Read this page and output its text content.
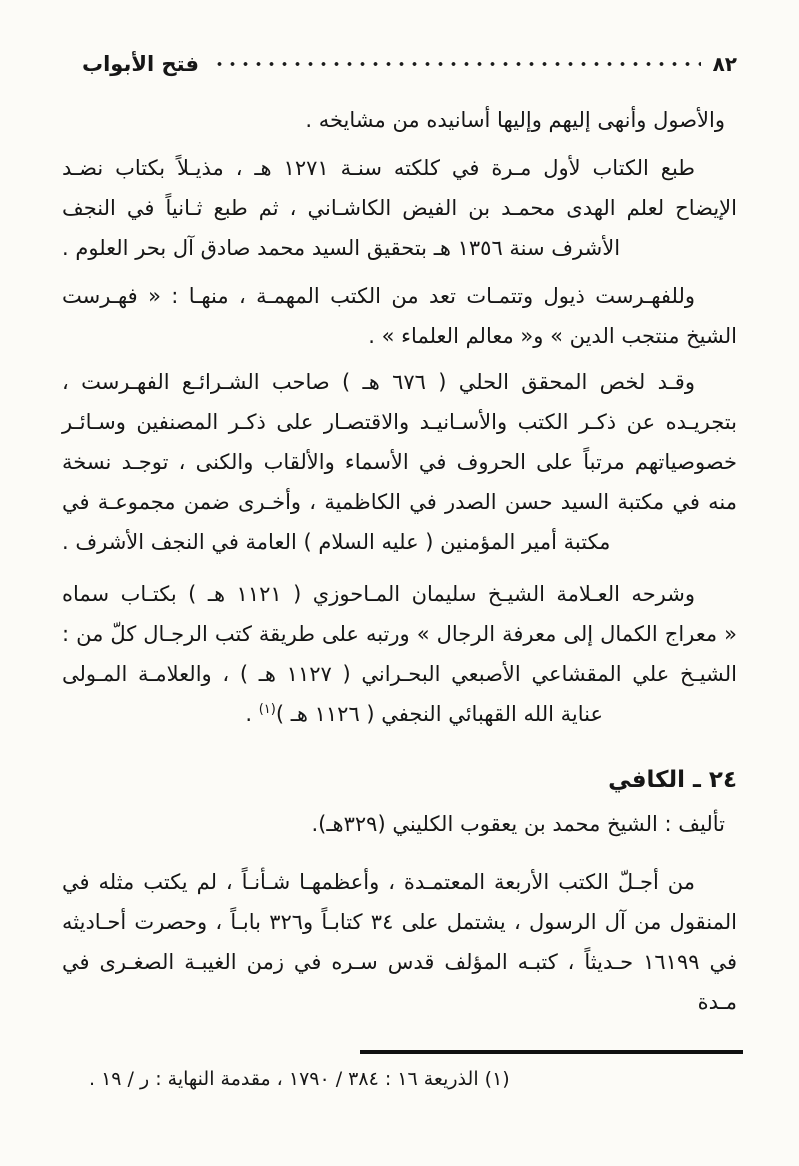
فتح الأبواب	٨٢
والأصول وأنهى إليهم وإليها أسانيده من مشايخه .
طبع الكتاب لأول مـرة في كلكته سنـة ١٢٧١ هـ ، مذيـلاً بكتاب نضـد
الإيضاح لعلم الهدى محمـد بن الفيض الكاشـاني ، ثم طبع ثـانياً في النجف
الأشرف سنة ١٣٥٦ هـ بتحقيق السيد محمد صادق آل بحر العلوم .
وللفهـرست ذيول وتتمـات تعد من الكتب المهمـة ، منهـا : « فهـرست
الشيخ منتجب الدين » و« معالم العلماء » .
وقـد لخص المحقق الحلي ( ٦٧٦ هـ ) صاحب الشـرائـع الفهـرست ،
بتجريـده عن ذكـر الكتب والأسـانيـد والاقتصـار على ذكـر المصنفين وسـائـر
خصوصياتهم مرتباً على الحروف في الأسماء والألقاب والكنى ، توجـد نسخة
منه في مكتبة السيد حسن الصدر في الكاظمية ، وأخـرى ضمن مجموعـة في
مكتبة أمير المؤمنين ( عليه السلام ) العامة في النجف الأشرف .
وشرحه العـلامة الشيـخ سليمان المـاحوزي ( ١١٢١ هـ ) بكتـاب سماه
« معراج الكمال إلى معرفة الرجال » ورتبه على طريقة كتب الرجـال كلّ من :
الشيـخ علي المقشاعي الأصبعي البحـراني ( ١١٢٧ هـ ) ، والعلامـة المـولى
عناية الله القهبائي النجفي ( ١١٢٦ هـ )$^{(١)}$ .
٢٤ ـ الكافي
تأليف : الشيخ محمد بن يعقوب الكليني (٣٢٩هـ).
من أجـلّ الكتب الأربعة المعتمـدة ، وأعظمهـا شـأنـاً ، لم يكتب مثله في
المنقول من آل الرسول ، يشتمل على ٣٤ كتابـاً و٣٢٦ بابـاً ، وحصرت أحـاديثه
في ١٦١٩٩ حـديثاً ، كتبـه المؤلف قدس سـره في زمن الغيبـة الصغـرى في مـدة
(١) الذريعة ١٦ : ٣٨٤ / ١٧٩٠ ، مقدمة النهاية : ر / ١٩ .
